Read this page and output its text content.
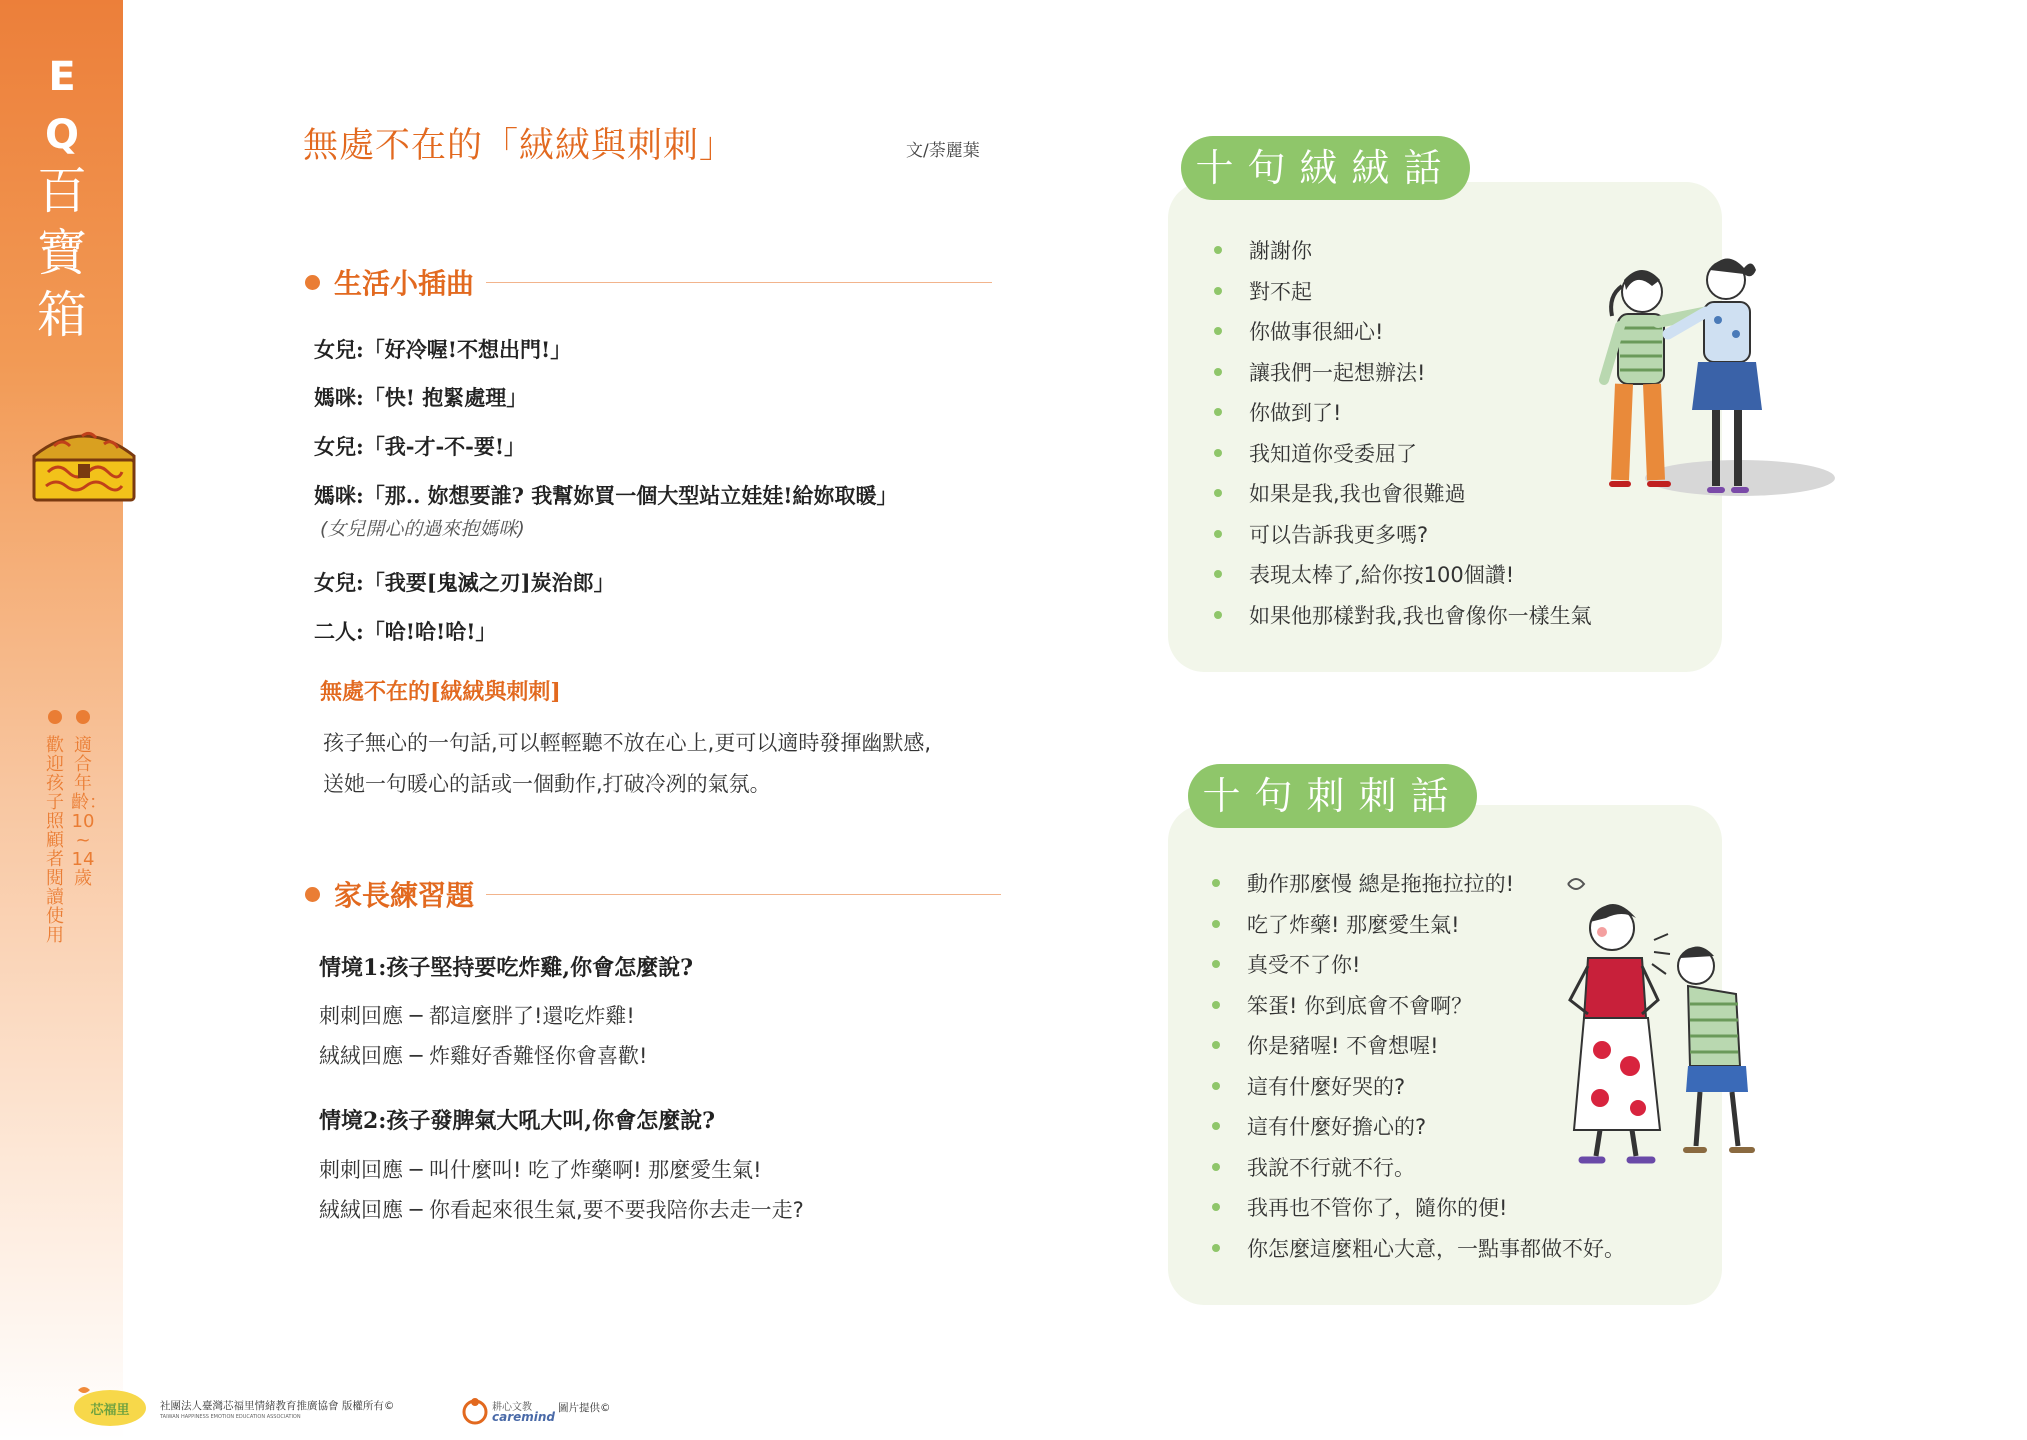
E
Q
百
寶
箱
歡迎孩子照顧者閱讀使用
適合年齡：10~14歲
無處不在的「絨絨與刺刺」	文/荼麗葉
生活小插曲
女兒:「好冷喔!不想出門!」
媽咪:「快! 抱緊處理」
女兒:「我-才-不-要!」
媽咪:「那.. 妳想要誰? 我幫妳買一個大型站立娃娃!給妳取暖」
(女兒開心的過來抱媽咪)
女兒:「我要[鬼滅之刃]炭治郎」
二人:「哈!哈!哈!」
無處不在的[絨絨與刺刺]
孩子無心的一句話,可以輕輕聽不放在心上,更可以適時發揮幽默感,
送她一句暖心的話或一個動作,打破冷冽的氣氛。
家長練習題
情境1:孩子堅持要吃炸雞,你會怎麼說?
刺刺回應 ─ 都這麼胖了!還吃炸雞!
絨絨回應 ─ 炸雞好香難怪你會喜歡!
情境2:孩子發脾氣大吼大叫,你會怎麼說?
刺刺回應 ─ 叫什麼叫! 吃了炸藥啊! 那麼愛生氣!
絨絨回應 ─ 你看起來很生氣,要不要我陪你去走一走?
十句絨絨話
謝謝你
對不起
你做事很細心!
讓我們一起想辦法!
你做到了!
我知道你受委屈了
如果是我,我也會很難過
可以告訴我更多嗎?
表現太棒了,給你按100個讚!
如果他那樣對我,我也會像你一樣生氣
十句刺刺話
動作那麼慢 總是拖拖拉拉的!
吃了炸藥! 那麼愛生氣!
真受不了你!
笨蛋! 你到底會不會啊？
你是豬喔! 不會想喔!
這有什麼好哭的?
這有什麼好擔心的?
我說不行就不行。
我再也不管你了，隨你的便!
你怎麼這麼粗心大意，一點事都做不好。
芯福里	社團法人臺灣芯福里情緒教育推廣協會 版權所有©
TAIWAN HAPPINESS EMOTION EDUCATION ASSOCIATION
耕心文教
caremind
圖片提供©
